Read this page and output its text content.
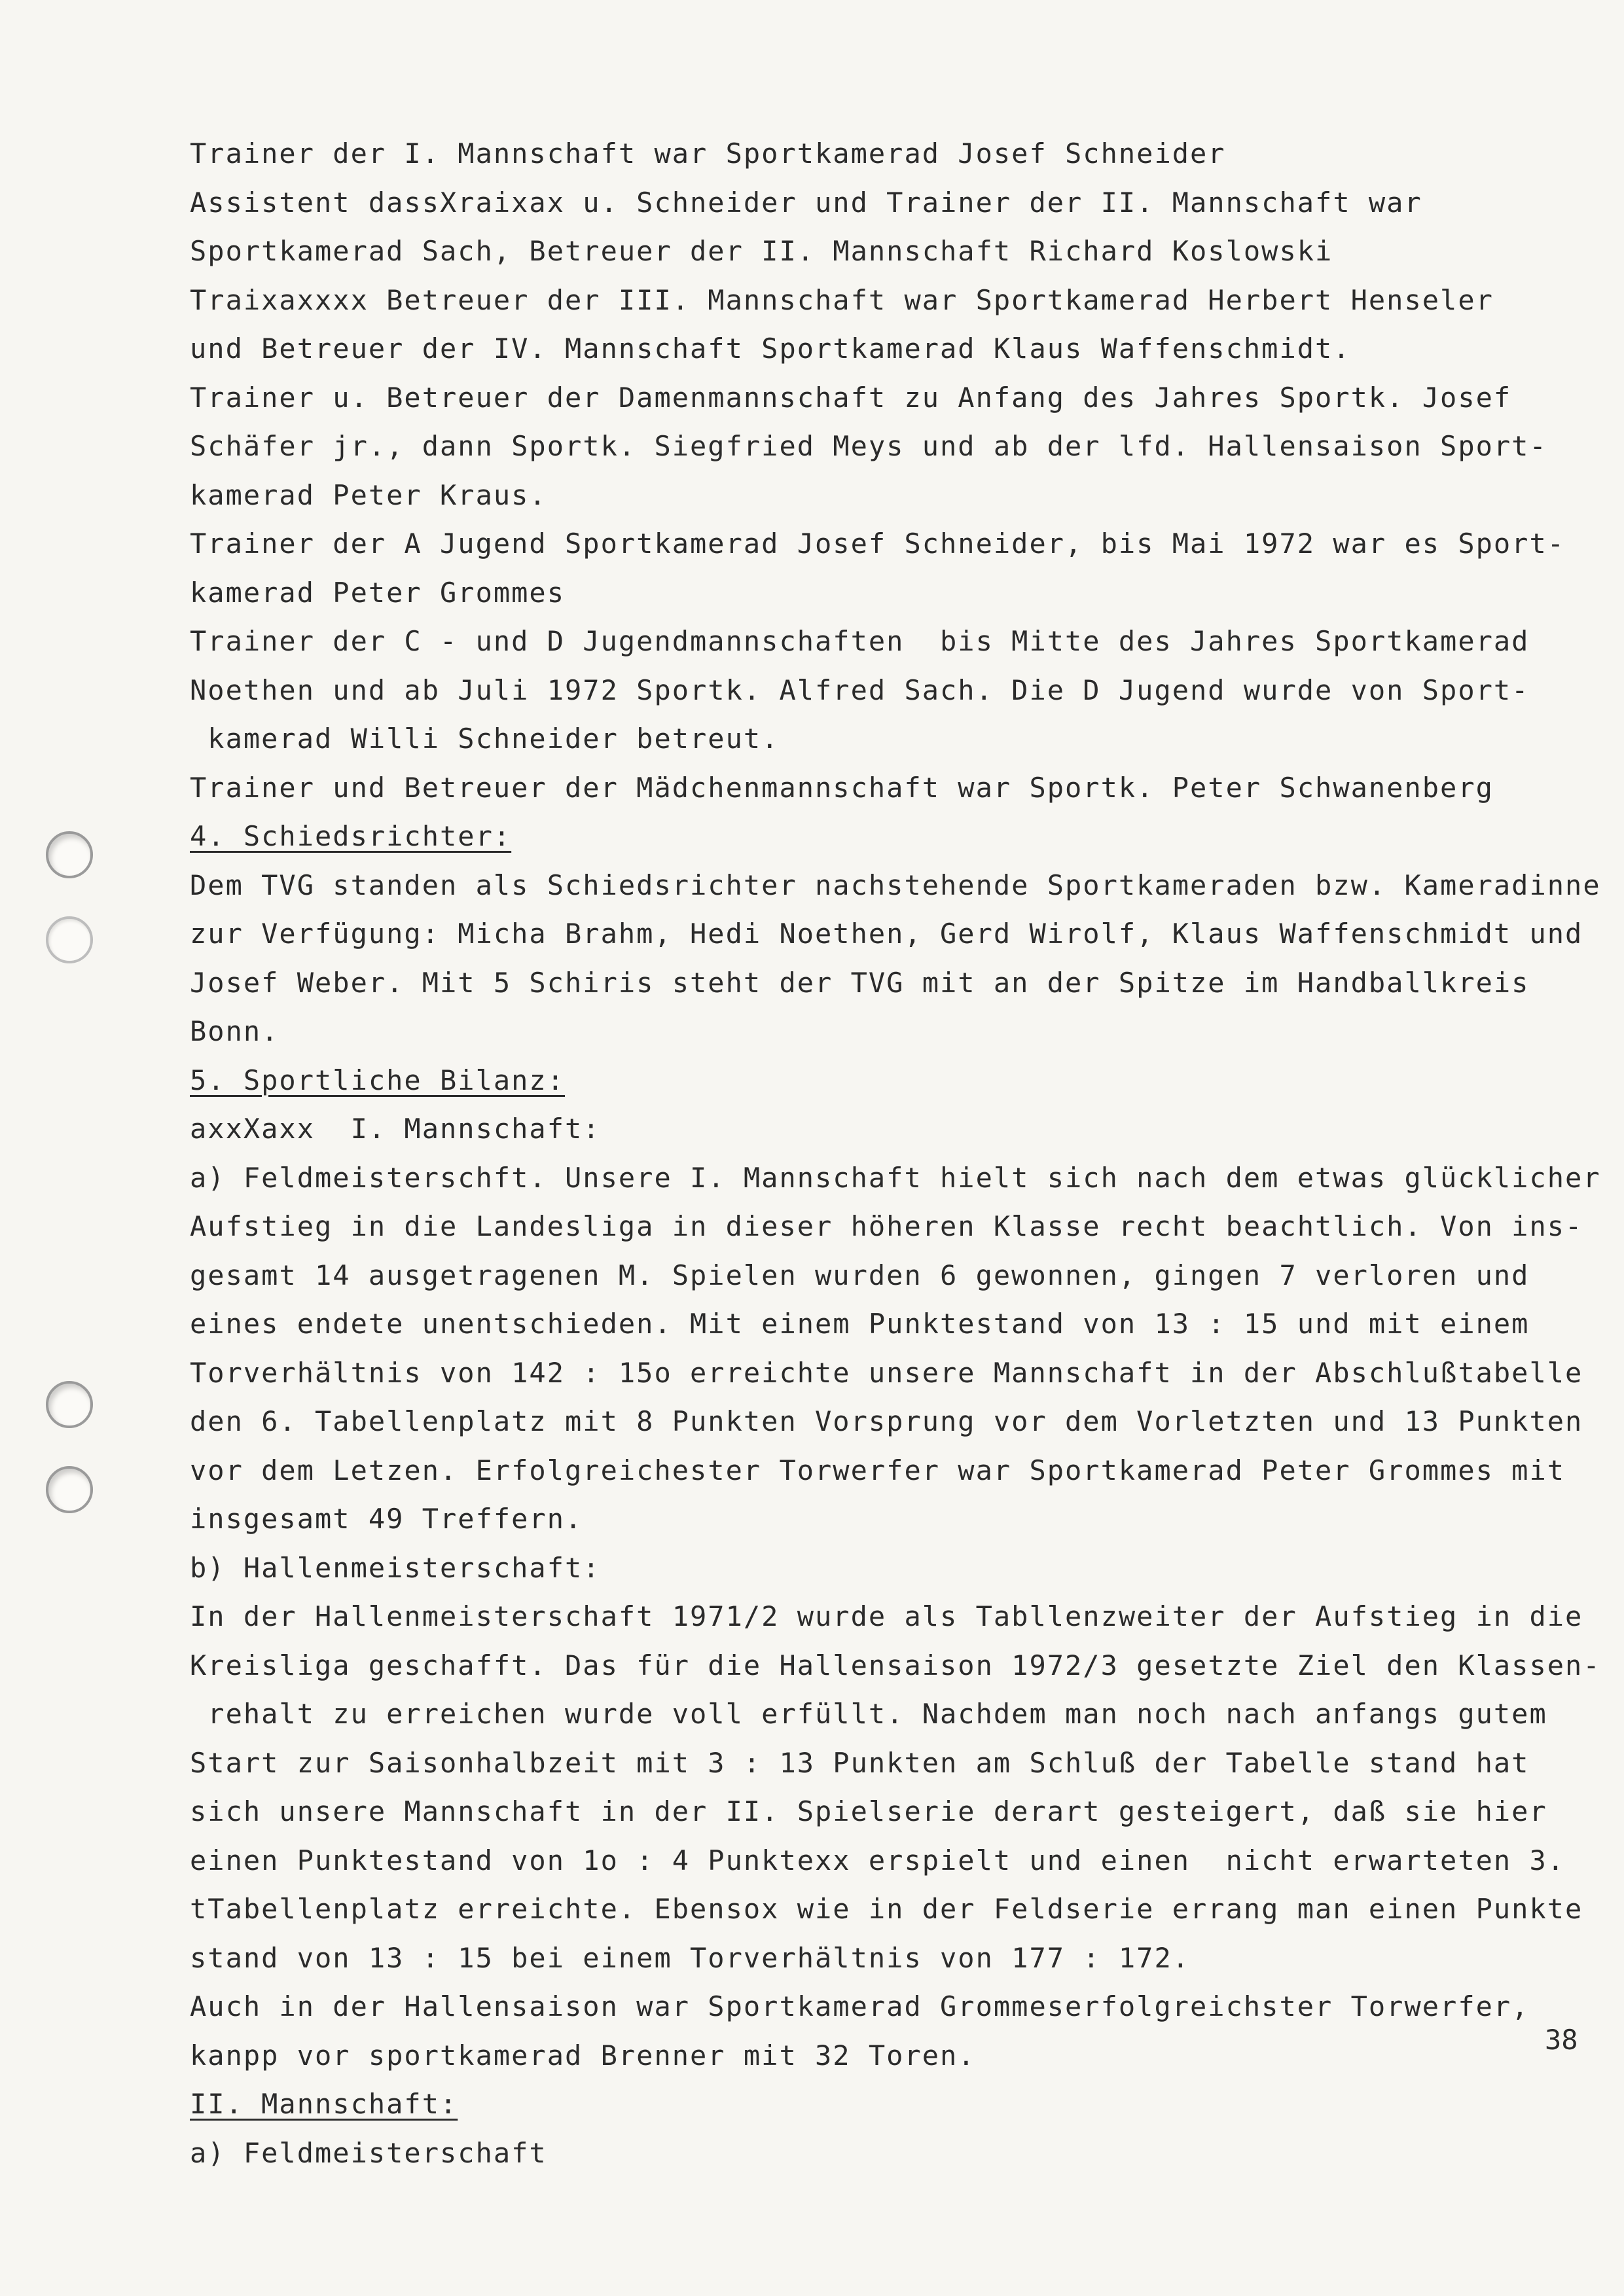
Trainer der I. Mannschaft war Sportkamerad Josef Schneider
Assistent dassXraixax u. Schneider und Trainer der II. Mannschaft war
Sportkamerad Sach, Betreuer der II. Mannschaft Richard Koslowski
Traixaxxxx Betreuer der III. Mannschaft war Sportkamerad Herbert Henseler
und Betreuer der IV. Mannschaft Sportkamerad Klaus Waffenschmidt.
Trainer u. Betreuer der Damenmannschaft zu Anfang des Jahres Sportk. Josef
Schäfer jr., dann Sportk. Siegfried Meys und ab der lfd. Hallensaison Sport-
kamerad Peter Kraus.
Trainer der A Jugend Sportkamerad Josef Schneider, bis Mai 1972 war es Sport-
kamerad Peter Grommes
Trainer der C - und D Jugendmannschaften  bis Mitte des Jahres Sportkamerad
Noethen und ab Juli 1972 Sportk. Alfred Sach. Die D Jugend wurde von Sport-
kamerad Willi Schneider betreut.
Trainer und Betreuer der Mädchenmannschaft war Sportk. Peter Schwanenberg
4. Schiedsrichter:
Dem TVG standen als Schiedsrichter nachstehende Sportkameraden bzw. Kameradinne
zur Verfügung: Micha Brahm, Hedi Noethen, Gerd Wirolf, Klaus Waffenschmidt und
Josef Weber. Mit 5 Schiris steht der TVG mit an der Spitze im Handballkreis
Bonn.
5. Sportliche Bilanz:
axxXaxx  I. Mannschaft:
a) Feldmeisterschft. Unsere I. Mannschaft hielt sich nach dem etwas glücklicher
Aufstieg in die Landesliga in dieser höheren Klasse recht beachtlich. Von ins-
gesamt 14 ausgetragenen M. Spielen wurden 6 gewonnen, gingen 7 verloren und
eines endete unentschieden. Mit einem Punktestand von 13 : 15 und mit einem
Torverhältnis von 142 : 15o erreichte unsere Mannschaft in der Abschlußtabelle
den 6. Tabellenplatz mit 8 Punkten Vorsprung vor dem Vorletzten und 13 Punkten
vor dem Letzen. Erfolgreichester Torwerfer war Sportkamerad Peter Grommes mit
insgesamt 49 Treffern.
b) Hallenmeisterschaft:
In der Hallenmeisterschaft 1971/2 wurde als Tabllenzweiter der Aufstieg in die
Kreisliga geschafft. Das für die Hallensaison 1972/3 gesetzte Ziel den Klassen-
rehalt zu erreichen wurde voll erfüllt. Nachdem man noch nach anfangs gutem
Start zur Saisonhalbzeit mit 3 : 13 Punkten am Schluß der Tabelle stand hat
sich unsere Mannschaft in der II. Spielserie derart gesteigert, daß sie hier
einen Punktestand von 1o : 4 Punktexx erspielt und einen  nicht erwarteten 3.
tTabellenplatz erreichte. Ebensox wie in der Feldserie errang man einen Punkte
stand von 13 : 15 bei einem Torverhältnis von 177 : 172.
Auch in der Hallensaison war Sportkamerad Grommeserfolgreichster Torwerfer,
kanpp vor sportkamerad Brenner mit 32 Toren.
II. Mannschaft:
a) Feldmeisterschaft
38
